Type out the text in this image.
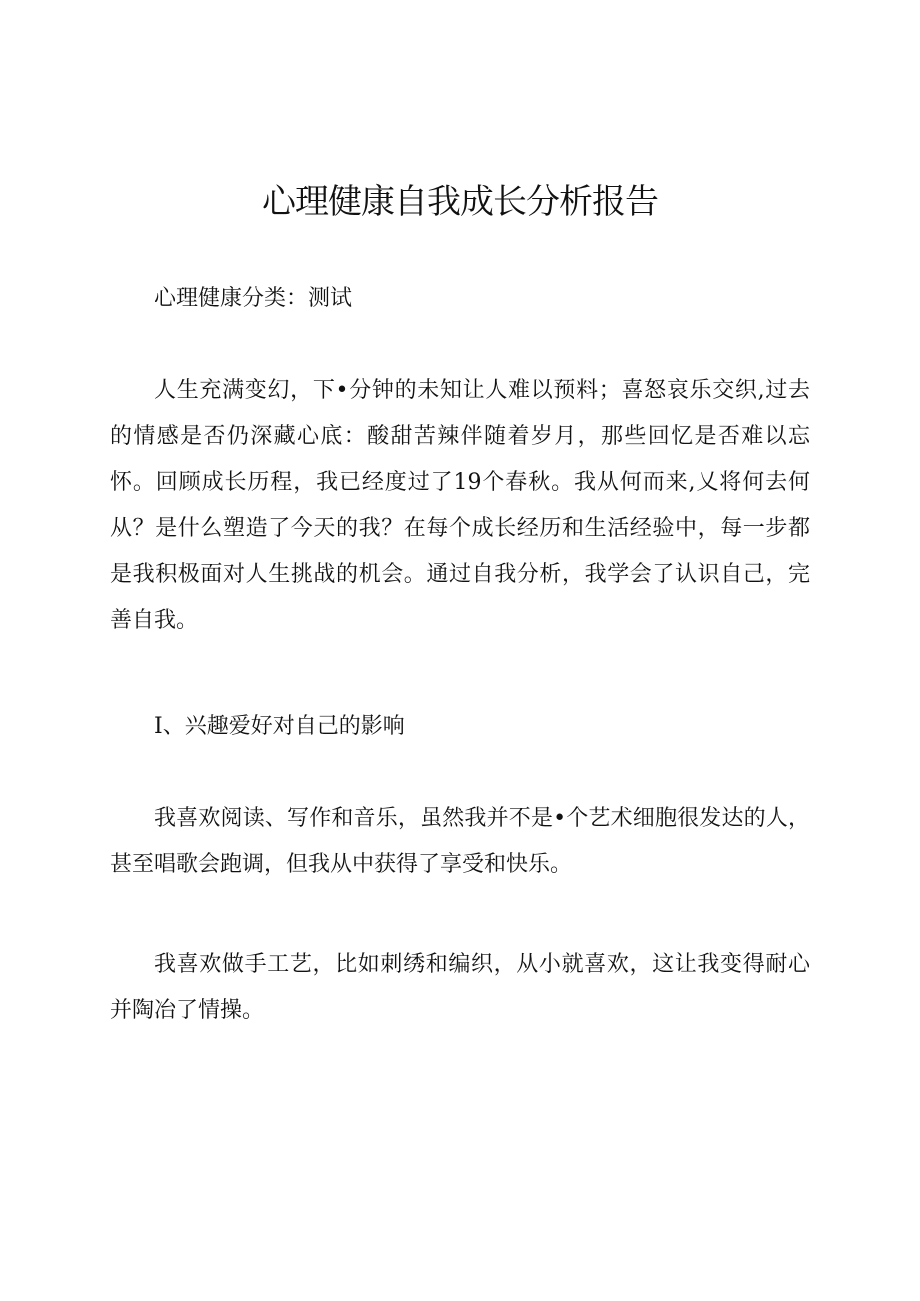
心理健康自我成长分析报告

心理健康分类：测试

人生充满变幻，下•分钟的未知让人难以预料；喜怒哀乐交织,过去的情感是否仍深藏心底：酸甜苦辣伴随着岁月，那些回忆是否难以忘怀。回顾成长历程，我已经度过了19个春秋。我从何而来,乂将何去何从？是什么塑造了今天的我？在每个成长经历和生活经验中，每一步都是我积极面对人生挑战的机会。通过自我分析，我学会了认识自己，完善自我。

I、兴趣爱好对自己的影响

我喜欢阅读、写作和音乐，虽然我并不是•个艺术细胞很发达的人，甚至唱歌会跑调，但我从中获得了享受和快乐。

我喜欢做手工艺，比如刺绣和编织，从小就喜欢，这让我变得耐心并陶冶了情操。
